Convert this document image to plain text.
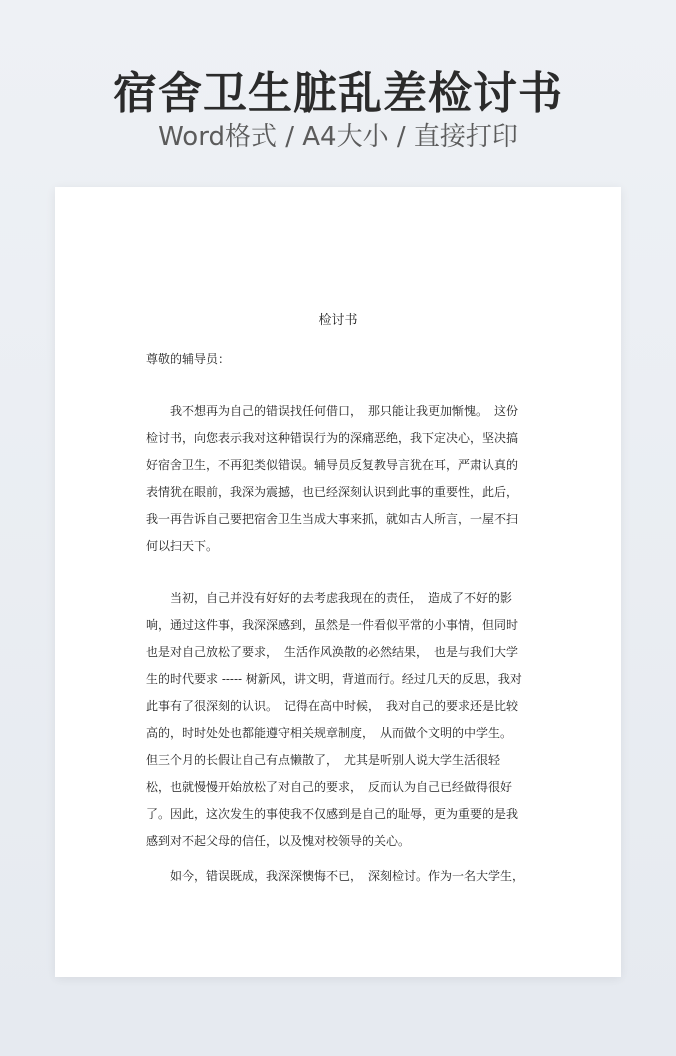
宿舍卫生脏乱差检讨书
Word格式 / A4大小 / 直接打印
检讨书
尊敬的辅导员：
　　我不想再为自己的错误找任何借口，　那只能让我更加惭愧。　这份
检讨书，向您表示我对这种错误行为的深痛恶绝，我下定决心，坚决搞
好宿舍卫生，不再犯类似错误。辅导员反复教导言犹在耳，严肃认真的
表情犹在眼前，我深为震撼，也已经深刻认识到此事的重要性，此后，
我一再告诉自己要把宿舍卫生当成大事来抓，就如古人所言，一屋不扫
何以扫天下。
　　当初，自己并没有好好的去考虑我现在的责任，　造成了不好的影
响，通过这件事，我深深感到，虽然是一件看似平常的小事情，但同时
也是对自己放松了要求，　生活作风涣散的必然结果，　也是与我们大学
生的时代要求 ----- 树新风，讲文明，背道而行。经过几天的反思，我对
此事有了很深刻的认识。　记得在高中时候，　我对自己的要求还是比较
高的，时时处处也都能遵守相关规章制度，　从而做个文明的中学生。
但三个月的长假让自己有点懒散了，　尤其是听别人说大学生活很轻
松，也就慢慢开始放松了对自己的要求，　反而认为自己已经做得很好
了。因此，这次发生的事使我不仅感到是自己的耻辱，更为重要的是我
感到对不起父母的信任，以及愧对校领导的关心。
　　如今，错误既成，我深深懊悔不已，　深刻检讨。作为一名大学生，
